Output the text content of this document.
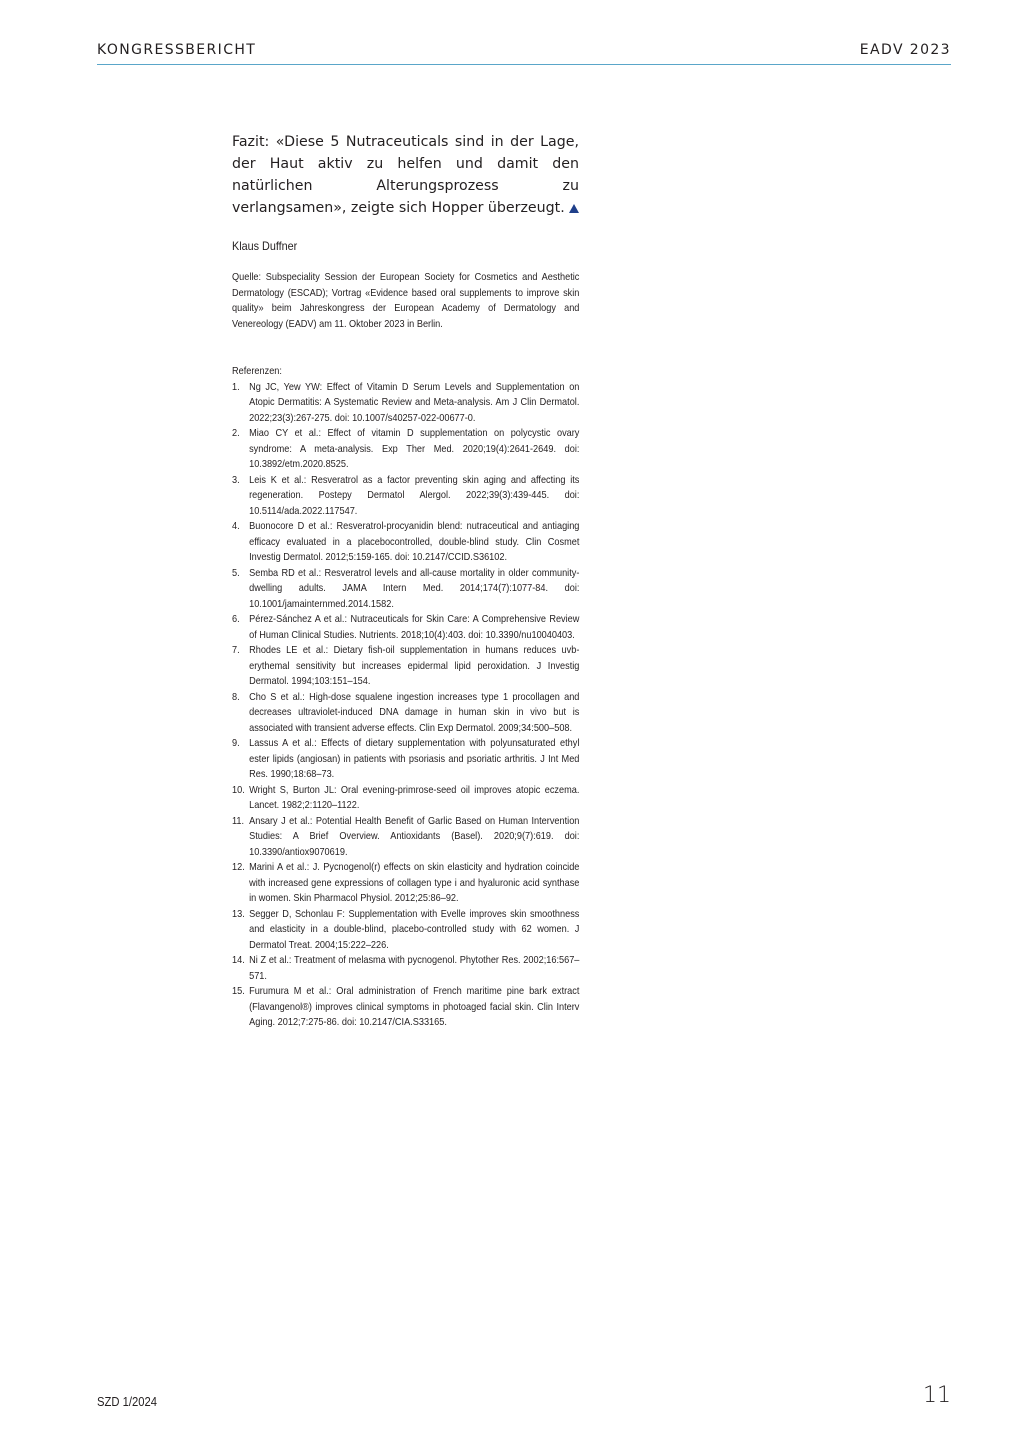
KONGRESSBERICHT	EADV 2023

Fazit: «Diese 5 Nutraceuticals sind in der Lage, der Haut aktiv zu helfen und damit den natürlichen Alterungsprozess zu verlangsamen», zeigte sich Hopper überzeugt.

Klaus Duffner

Quelle: Subspeciality Session der European Society for Cosmetics and Aesthetic Dermatology (ESCAD); Vortrag «Evidence based oral supplements to improve skin quality» beim Jahreskongress der European Academy of Dermatology and Venereology (EADV) am 11. Oktober 2023 in Berlin.

Referenzen:

1. Ng JC, Yew YW: Effect of Vitamin D Serum Levels and Supplementation on Atopic Dermatitis: A Systematic Review and Meta-analysis. Am J Clin Dermatol. 2022;23(3):267-275. doi: 10.1007/s40257-022-00677-0.
2. Miao CY et al.: Effect of vitamin D supplementation on polycystic ovary syndrome: A meta-analysis. Exp Ther Med. 2020;19(4):2641-2649. doi: 10.3892/etm.2020.8525.
3. Leis K et al.: Resveratrol as a factor preventing skin aging and affecting its regeneration. Postepy Dermatol Alergol. 2022;39(3):439-445. doi: 10.5114/ada.2022.117547.
4. Buonocore D et al.: Resveratrol-procyanidin blend: nutraceutical and antiaging efficacy evaluated in a placebocontrolled, double-blind study. Clin Cosmet Investig Dermatol. 2012;5:159-165. doi: 10.2147/CCID.S36102.
5. Semba RD et al.: Resveratrol levels and all-cause mortality in older community-dwelling adults. JAMA Intern Med. 2014;174(7):1077-84. doi: 10.1001/jamainternmed.2014.1582.
6. Pérez-Sánchez A et al.: Nutraceuticals for Skin Care: A Comprehensive Review of Human Clinical Studies. Nutrients. 2018;10(4):403. doi: 10.3390/nu10040403.
7. Rhodes LE et al.: Dietary fish-oil supplementation in humans reduces uvb-erythemal sensitivity but increases epidermal lipid peroxidation. J Investig Dermatol. 1994;103:151–154.
8. Cho S et al.: High-dose squalene ingestion increases type 1 procollagen and decreases ultraviolet-induced DNA damage in human skin in vivo but is associated with transient adverse effects. Clin Exp Dermatol. 2009;34:500–508.
9. Lassus A et al.: Effects of dietary supplementation with polyunsaturated ethyl ester lipids (angiosan) in patients with psoriasis and psoriatic arthritis. J Int Med Res. 1990;18:68–73.
10. Wright S, Burton JL: Oral evening-primrose-seed oil improves atopic eczema. Lancet. 1982;2:1120–1122.
11. Ansary J et al.: Potential Health Benefit of Garlic Based on Human Intervention Studies: A Brief Overview. Antioxidants (Basel). 2020;9(7):619. doi: 10.3390/antiox9070619.
12. Marini A et al.: J. Pycnogenol(r) effects on skin elasticity and hydration coincide with increased gene expressions of collagen type i and hyaluronic acid synthase in women. Skin Pharmacol Physiol. 2012;25:86–92.
13. Segger D, Schonlau F: Supplementation with Evelle improves skin smoothness and elasticity in a double-blind, placebo-controlled study with 62 women. J Dermatol Treat. 2004;15:222–226.
14. Ni Z et al.: Treatment of melasma with pycnogenol. Phytother Res. 2002;16:567–571.
15. Furumura M et al.: Oral administration of French maritime pine bark extract (Flavangenol®) improves clinical symptoms in photoaged facial skin. Clin Interv Aging. 2012;7:275-86. doi: 10.2147/CIA.S33165.
SZD 1/2024	11
